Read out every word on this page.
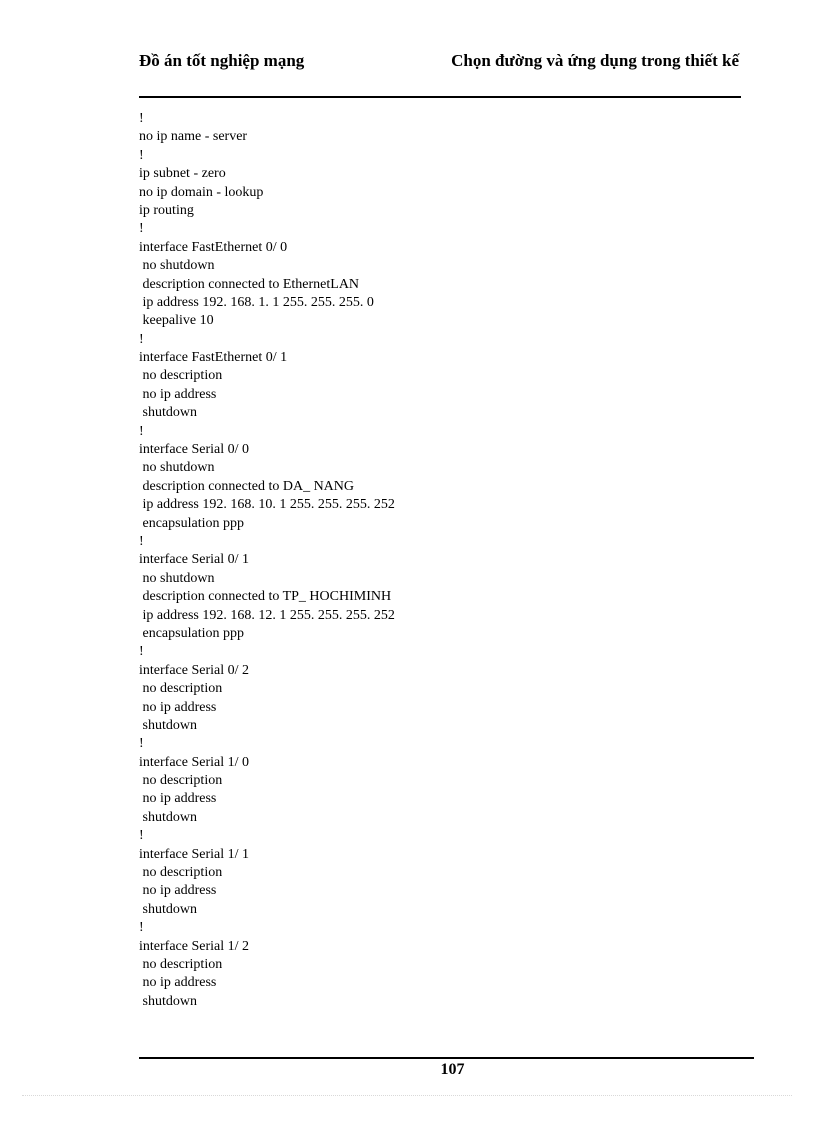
Đồ án tốt nghiệp mạng	Chọn đường và ứng dụng trong thiết kế
!
no ip name - server
!
ip subnet - zero
no ip domain - lookup
ip routing
!
interface FastEthernet 0/ 0
no shutdown
description connected to EthernetLAN
ip address 192. 168. 1. 1 255. 255. 255. 0
keepalive 10
!
interface FastEthernet 0/ 1
no description
no ip address
shutdown
!
interface Serial 0/ 0
no shutdown
description connected to DA_ NANG
ip address 192. 168. 10. 1 255. 255. 255. 252
encapsulation ppp
!
interface Serial 0/ 1
no shutdown
description connected to TP_ HOCHIMINH
ip address 192. 168. 12. 1 255. 255. 255. 252
encapsulation ppp
!
interface Serial 0/ 2
no description
no ip address
shutdown
!
interface Serial 1/ 0
no description
no ip address
shutdown
!
interface Serial 1/ 1
no description
no ip address
shutdown
!
interface Serial 1/ 2
no description
no ip address
shutdown
107
